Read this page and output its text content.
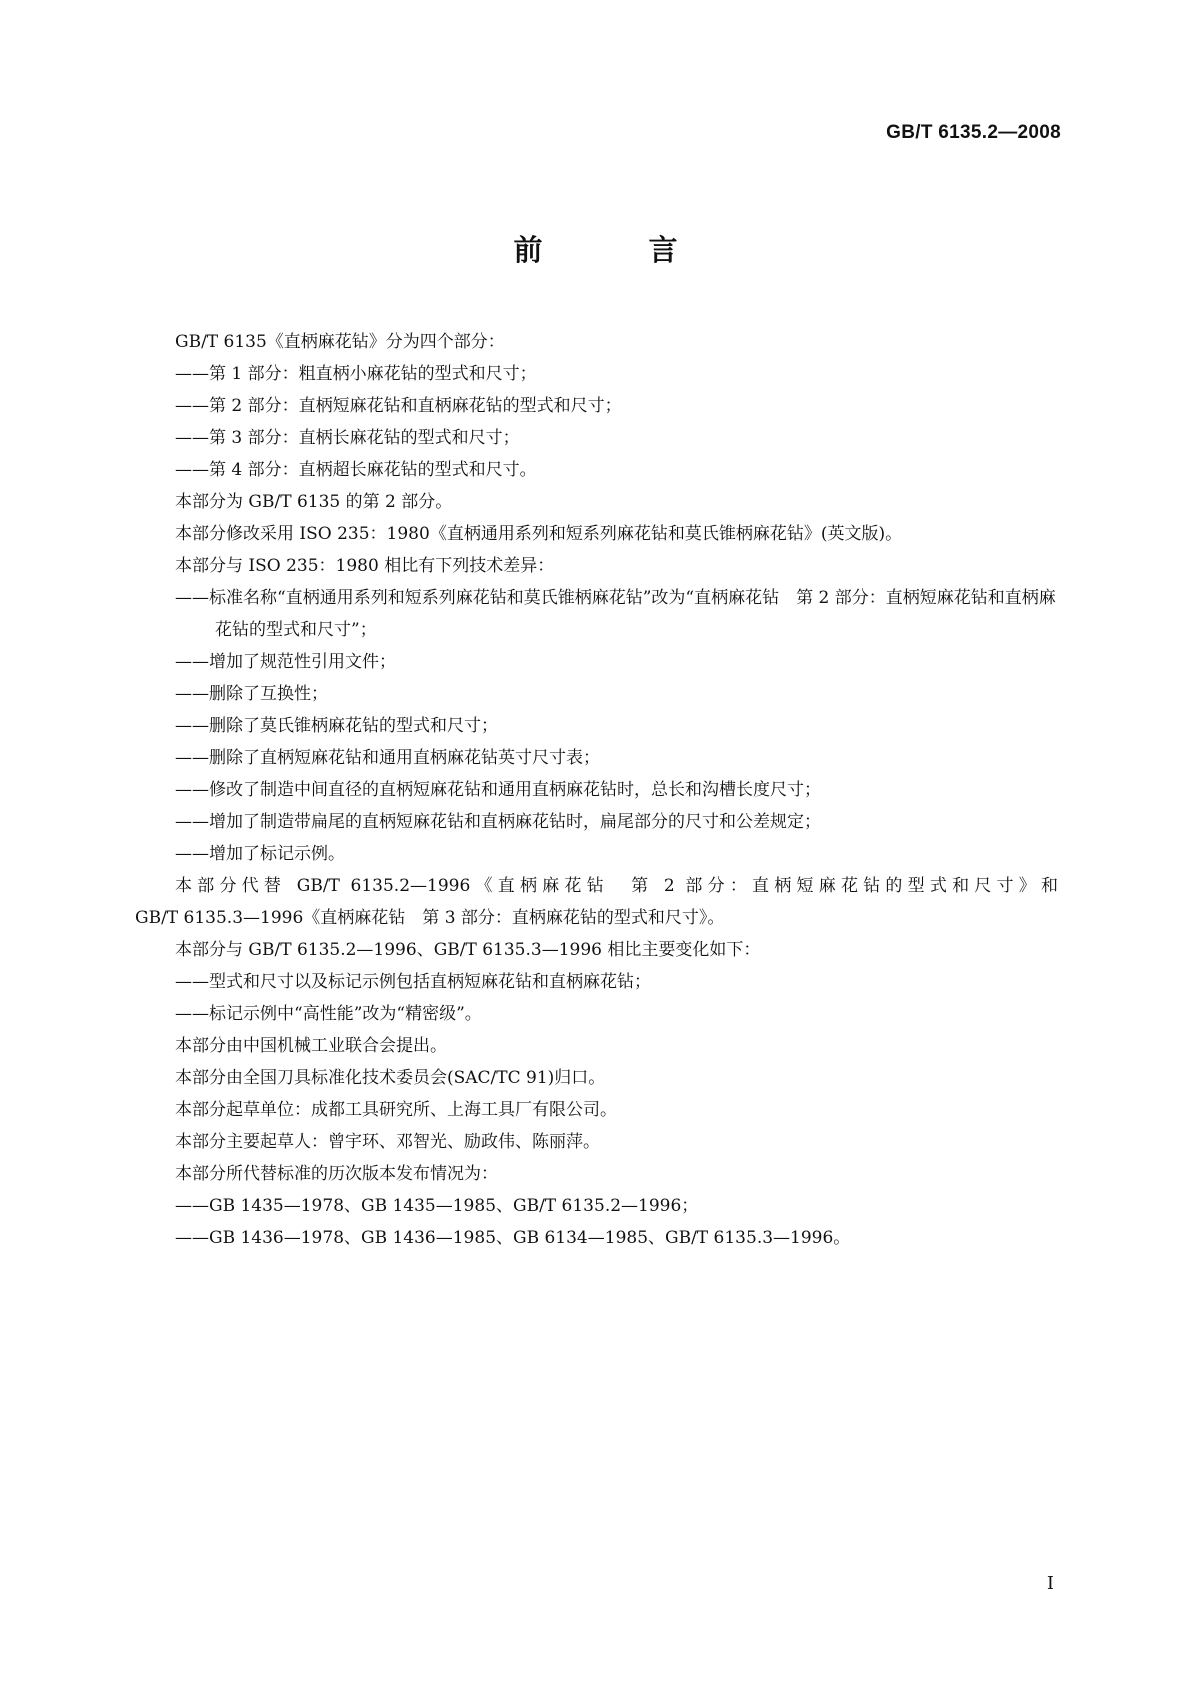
GB/T 6135.2—2008
前 言

GB/T 6135《直柄麻花钻》分为四个部分：

——第 1 部分：粗直柄小麻花钻的型式和尺寸；

——第 2 部分：直柄短麻花钻和直柄麻花钻的型式和尺寸；

——第 3 部分：直柄长麻花钻的型式和尺寸；

——第 4 部分：直柄超长麻花钻的型式和尺寸。

本部分为 GB/T 6135 的第 2 部分。

本部分修改采用 ISO 235：1980《直柄通用系列和短系列麻花钻和莫氏锥柄麻花钻》(英文版)。

本部分与 ISO 235：1980 相比有下列技术差异：

——标准名称“直柄通用系列和短系列麻花钻和莫氏锥柄麻花钻”改为“直柄麻花钻　第 2 部分：直柄短麻花钻和直柄麻花钻的型式和尺寸”；

——增加了规范性引用文件；

——删除了互换性；

——删除了莫氏锥柄麻花钻的型式和尺寸；

——删除了直柄短麻花钻和通用直柄麻花钻英寸尺寸表；

——修改了制造中间直径的直柄短麻花钻和通用直柄麻花钻时，总长和沟槽长度尺寸；

——增加了制造带扁尾的直柄短麻花钻和直柄麻花钻时，扁尾部分的尺寸和公差规定；

——增加了标记示例。

本部分代替 GB/T 6135.2—1996《直柄麻花钻　第 2 部分：直柄短麻花钻的型式和尺寸》和

GB/T 6135.3—1996《直柄麻花钻　第 3 部分：直柄麻花钻的型式和尺寸》。

本部分与 GB/T 6135.2—1996、GB/T 6135.3—1996 相比主要变化如下：

——型式和尺寸以及标记示例包括直柄短麻花钻和直柄麻花钻；

——标记示例中“高性能”改为“精密级”。

本部分由中国机械工业联合会提出。

本部分由全国刀具标准化技术委员会(SAC/TC 91)归口。

本部分起草单位：成都工具研究所、上海工具厂有限公司。

本部分主要起草人：曾宇环、邓智光、励政伟、陈丽萍。

本部分所代替标准的历次版本发布情况为：

——GB 1435—1978、GB 1435—1985、GB/T 6135.2—1996；

——GB 1436—1978、GB 1436—1985、GB 6134—1985、GB/T 6135.3—1996。

I
